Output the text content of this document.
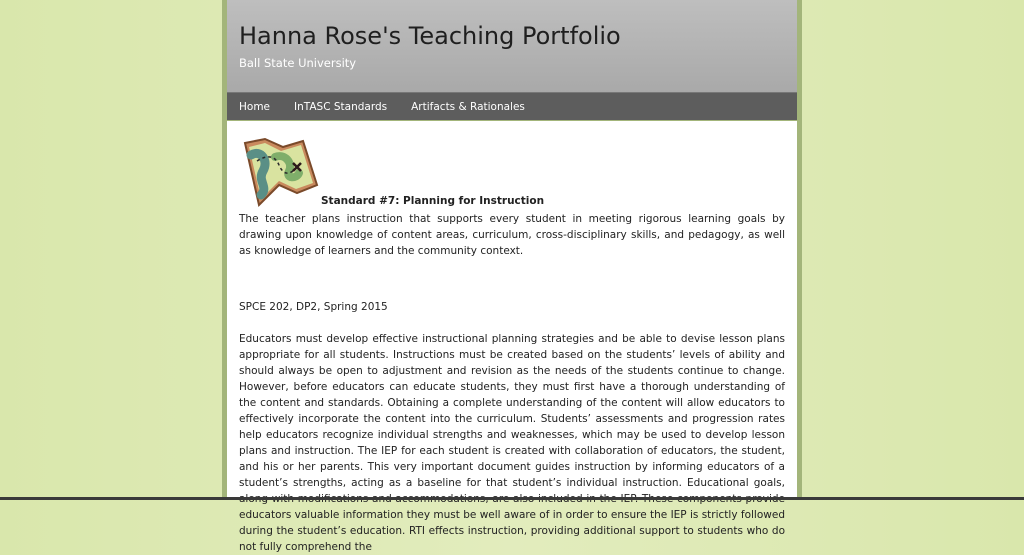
Hanna Rose's Teaching Portfolio
Ball State University
Home	InTASC Standards	Artifacts & Rationales
Standard #7: Planning for Instruction

The teacher plans instruction that supports every student in meeting rigorous learning goals by drawing upon knowledge of content areas, curriculum, cross-disciplinary skills, and pedagogy, as well as knowledge of learners and the community context.

SPCE 202, DP2, Spring 2015

Educators must develop effective instructional planning strategies and be able to devise lesson plans appropriate for all students. Instructions must be created based on the students’ levels of ability and should always be open to adjustment and revision as the needs of the students continue to change. However, before educators can educate students, they must first have a thorough understanding of the content and standards. Obtaining a complete understanding of the content will allow educators to effectively incorporate the content into the curriculum. Students’ assessments and progression rates help educators recognize individual strengths and weaknesses, which may be used to develop lesson plans and instruction. The IEP for each student is created with collaboration of educators, the student, and his or her parents. This very important document guides instruction by informing educators of a student’s strengths, acting as a baseline for that student’s individual instruction. Educational goals, educators valuable information they must be well aware of in order to ensure the IEP is strictly followed during the student’s education. RTI effects instruction, providing additional support to students who do not fully comprehend the
